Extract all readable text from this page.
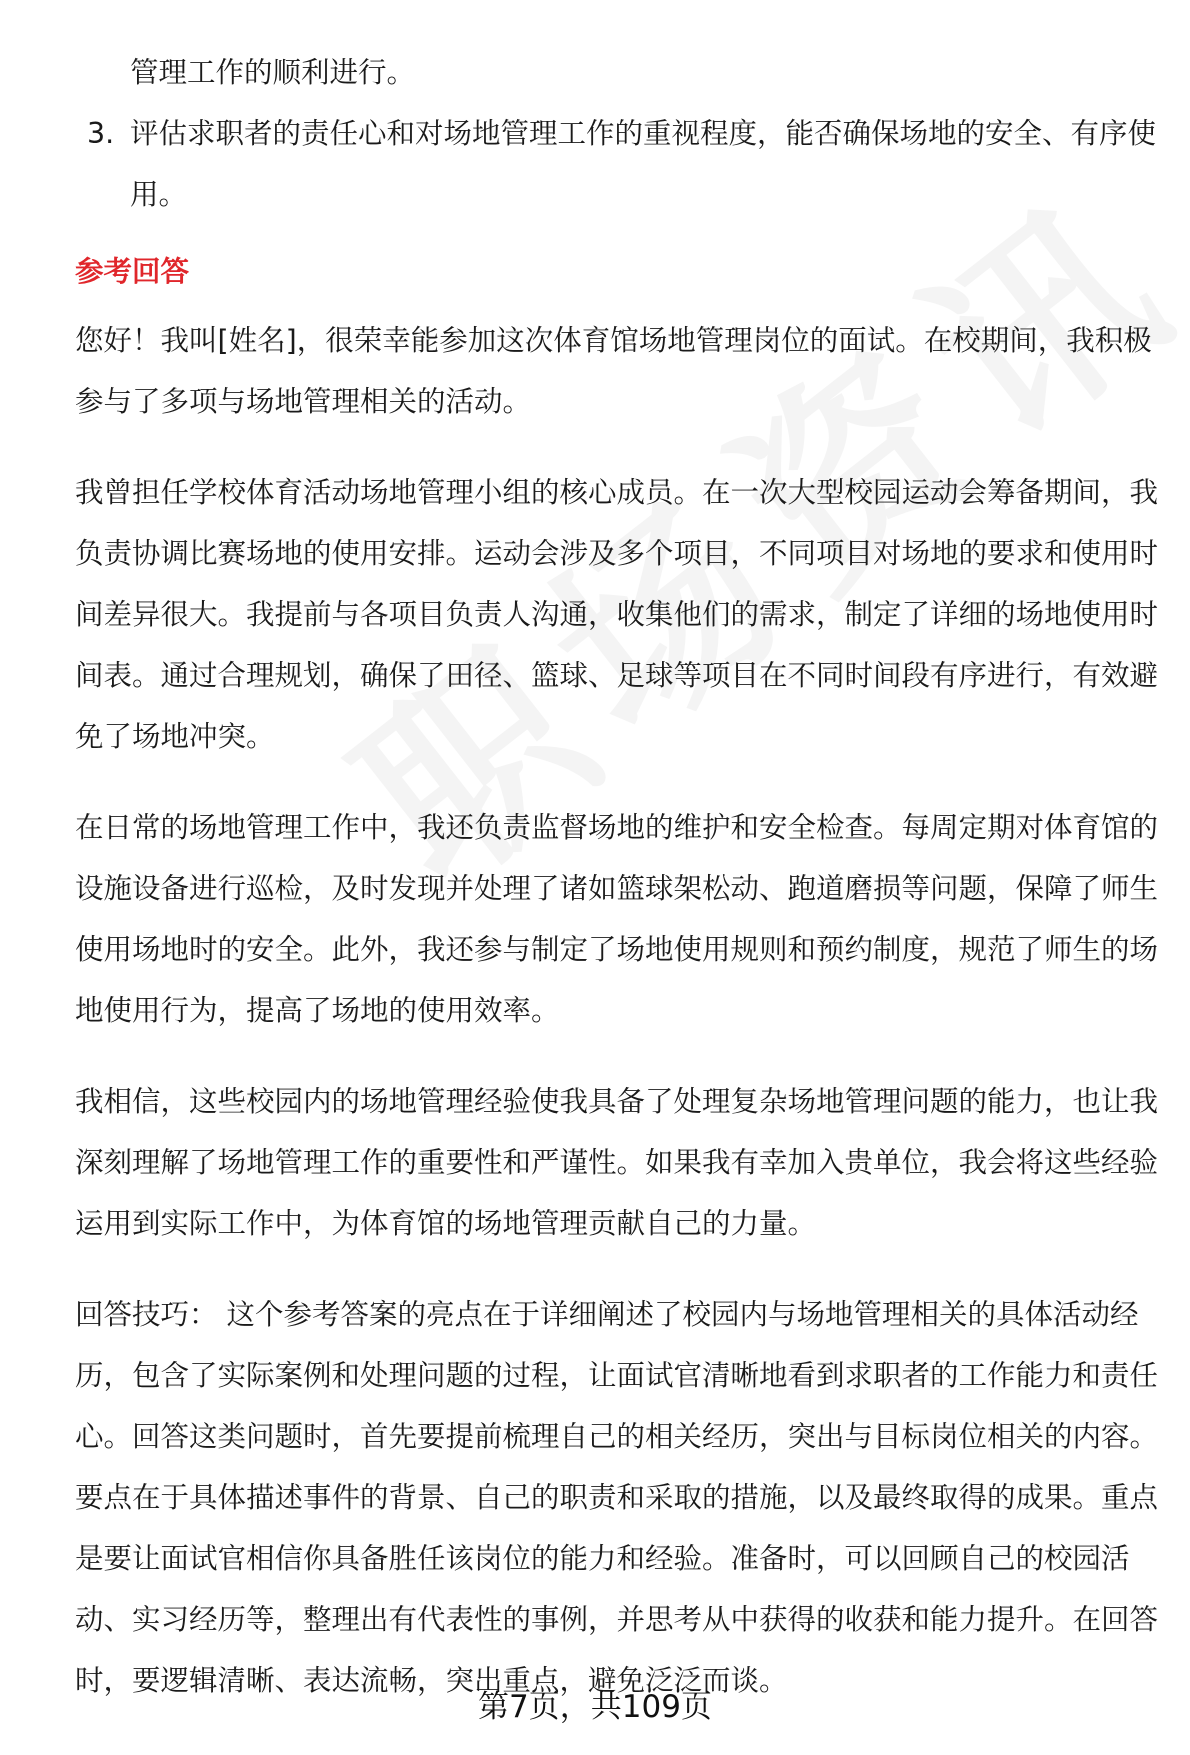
管理工作的顺利进行。

3. 评估求职者的责任心和对场地管理工作的重视程度，能否确保场地的安全、有序使用。

参考回答

您好！我叫[姓名]，很荣幸能参加这次体育馆场地管理岗位的面试。在校期间，我积极参与了多项与场地管理相关的活动。

我曾担任学校体育活动场地管理小组的核心成员。在一次大型校园运动会筹备期间，我负责协调比赛场地的使用安排。运动会涉及多个项目，不同项目对场地的要求和使用时间差异很大。我提前与各项目负责人沟通，收集他们的需求，制定了详细的场地使用时间表。通过合理规划，确保了田径、篮球、足球等项目在不同时间段有序进行，有效避免了场地冲突。

在日常的场地管理工作中，我还负责监督场地的维护和安全检查。每周定期对体育馆的设施设备进行巡检，及时发现并处理了诸如篮球架松动、跑道磨损等问题，保障了师生使用场地时的安全。此外，我还参与制定了场地使用规则和预约制度，规范了师生的场地使用行为，提高了场地的使用效率。

我相信，这些校园内的场地管理经验使我具备了处理复杂场地管理问题的能力，也让我深刻理解了场地管理工作的重要性和严谨性。如果我有幸加入贵单位，我会将这些经验运用到实际工作中，为体育馆的场地管理贡献自己的力量。

回答技巧： 这个参考答案的亮点在于详细阐述了校园内与场地管理相关的具体活动经历，包含了实际案例和处理问题的过程，让面试官清晰地看到求职者的工作能力和责任心。回答这类问题时，首先要提前梳理自己的相关经历，突出与目标岗位相关的内容。要点在于具体描述事件的背景、自己的职责和采取的措施，以及最终取得的成果。重点是要让面试官相信你具备胜任该岗位的能力和经验。准备时，可以回顾自己的校园活动、实习经历等，整理出有代表性的事例，并思考从中获得的收获和能力提升。在回答时，要逻辑清晰、表达流畅，突出重点，避免泛泛而谈。

第7页，共109页
